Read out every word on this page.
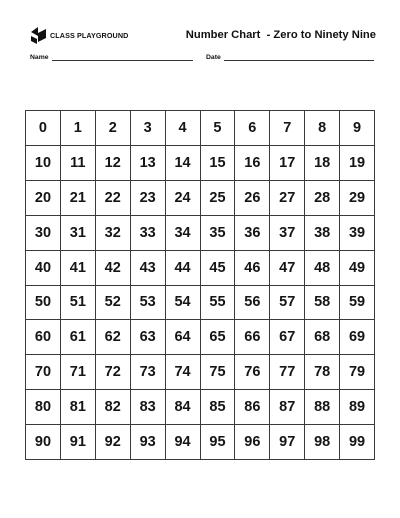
CLASS PLAYGROUND	Number Chart  - Zero to Ninety Nine
Name	Date
0	1	2	3	4	5	6	7	8	9
10	11	12	13	14	15	16	17	18	19
20	21	22	23	24	25	26	27	28	29
30	31	32	33	34	35	36	37	38	39
40	41	42	43	44	45	46	47	48	49
50	51	52	53	54	55	56	57	58	59
60	61	62	63	64	65	66	67	68	69
70	71	72	73	74	75	76	77	78	79
80	81	82	83	84	85	86	87	88	89
90	91	92	93	94	95	96	97	98	99
